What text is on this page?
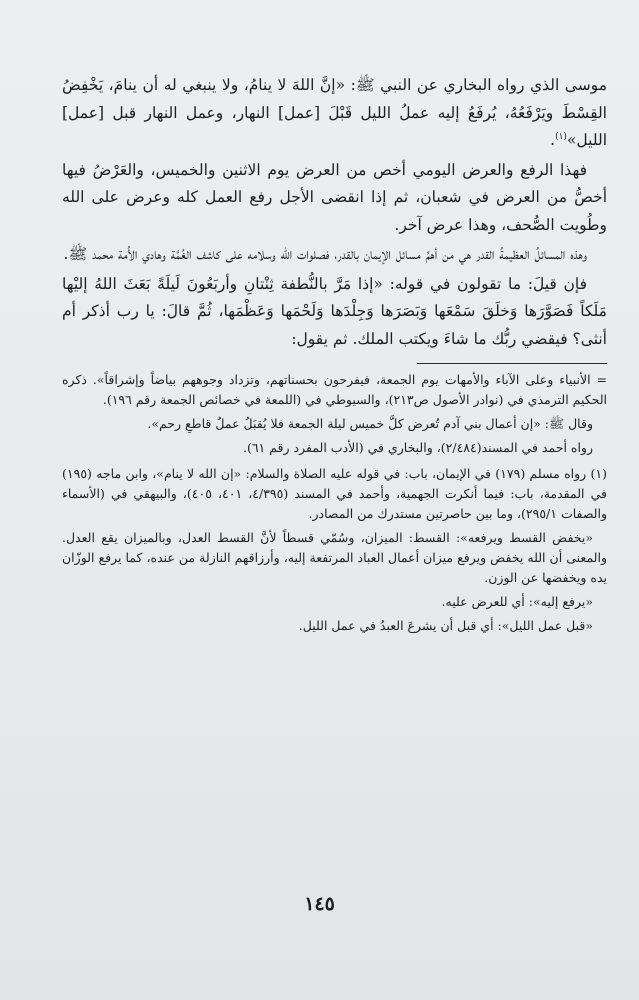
موسى الذي رواه البخاري عن النبي ﷺ: «إنَّ اللهَ لا ينامُ، ولا ينبغي له أن ينامَ، يَخْفِضُ القِسْطَ ويَرْفَعُهُ، يُرفَعُ إليه عملُ الليل قَبْلَ [عمل] النهار، وعمل النهار قبل [عمل] الليل»$^{(١)}$.

فهذا الرفع والعرض اليومي أخص من العرض يوم الاثنين والخميس، والعَرْضُ فيها أخصُّ من العرض في شعبان، ثم إذا انقضى الأجل رفع العمل كله وعرض على الله وطُويت الصُّحف، وهذا عرض آخر.

وهذه المسائلُ العظيمةُ القدر هي من أهمِّ مسائل الإيمان بالقدر، فصلوات الله وسلامه على كاشف الغُمَّة وهادي الأُمة محمد ﷺ.

فإن قيلَ: ما تقولون في قوله: «إذا مَرَّ بالنُّطفة ثِنْتانِ وأربَعُونَ لَيلَةً بَعَثَ اللهُ إليْها مَلَكاً فَصَوَّرَها وَخلَقَ سَمْعَها وَبَصَرَها وَجِلْدَها وَلَحْمَها وَعَظْمَها، ثُمَّ قالَ: يا رب أذكر أم أنثى؟ فيقضي ربُّك ما شاءَ ويكتب الملك. ثم يقول:

= الأنبياء وعلى الآباء والأمهات يوم الجمعة، فيفرحون بحسناتهم، وتزداد وجوههم بياضاً وإشراقاً». ذكره الحكيم الترمذي في (نوادر الأصول ص٢١٣)، والسيوطي في (اللمعة في خصائص الجمعة رقم ١٩٦).

وقال ﷺ: «إن أعمال بني آدم تُعرض كلَّ خميس ليلة الجمعة فلا يُقبَلُ عملُ قاطعِ رحم».

رواه أحمد في المسند(٢/٤٨٤)، والبخاري في (الأدب المفرد رقم ٦١).

(١) رواه مسلم (١٧٩) في الإيمان، باب: في قوله عليه الصلاة والسلام: «إن الله لا ينام»، وابن ماجه (١٩٥) في المقدمة، باب: فيما أنكرت الجهمية، وأحمد في المسند (٤/٣٩٥، ٤٠١، ٤٠٥)، والبيهقي في (الأسماء والصفات ٢٩٥/١)، وما بين حاصرتين مستدرك من المصادر.

«يخفض القسط ويرفعه»: القسط: الميزان، وسُمّي قسطاً لأنَّ القسط العدل، وبالميزان يقع العدل. والمعنى أن الله يخفض ويرفع ميزان أعمال العباد المرتفعة إليه، وأرزاقهم النازلة من عنده، كما يرفع الوزّان يده ويخفضها عن الوزن.

«يرفع إليه»: أي للعرض عليه.

«قبل عمل الليل»: أي قبل أن يشرعَ العبدُ في عمل الليل.

١٤٥
